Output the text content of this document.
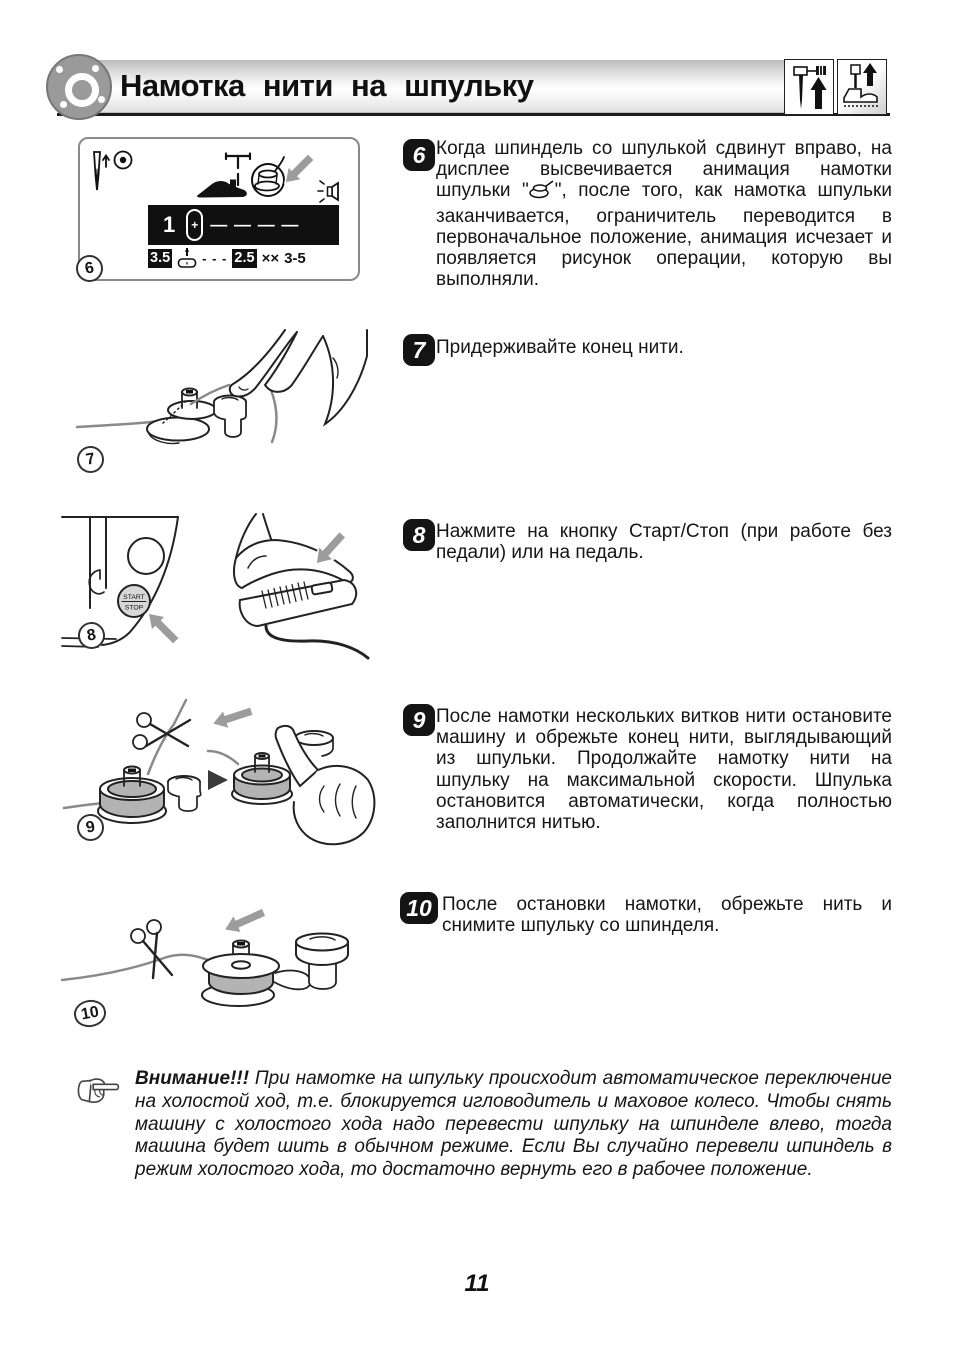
Намотка нити на шпульку
1	+ — — — —
3.5 - - - 2.5 ×× 3-5
6
6 Когда шпиндель со шпулькой сдвинут вправо, на дисплее высвечивается анимация намотки шпульки " ", после того, как намотка шпульки заканчивается, ограничитель переводится в первоначальное положение, анимация исчезает и появляется рисунок операции, которую вы выполняли.

7
7 Придерживайте конец нити.

START
STOP
8
8 Нажмите на кнопку Старт/Стоп (при работе без педали) или на педаль.

9
9 После намотки нескольких витков нити остановите машину и обрежьте конец нити, выглядывающий из шпульки. Продолжайте намотку нити на шпульку на максимальной скорости. Шпулька остановится автоматически, когда полностью заполнится нитью.

10
10 После остановки намотки, обрежьте нить и снимите шпульку со шпинделя.

Внимание!!! При намотке на шпульку происходит автоматическое переключение на холостой ход, т.е. блокируется игловодитель и маховое колесо. Чтобы снять машину с холостого хода надо перевести шпульку на шпинделе влево, тогда машина будет шить в обычном режиме. Если Вы случайно перевели шпиндель в режим холостого хода, то достаточно вернуть его в рабочее положение.

11
